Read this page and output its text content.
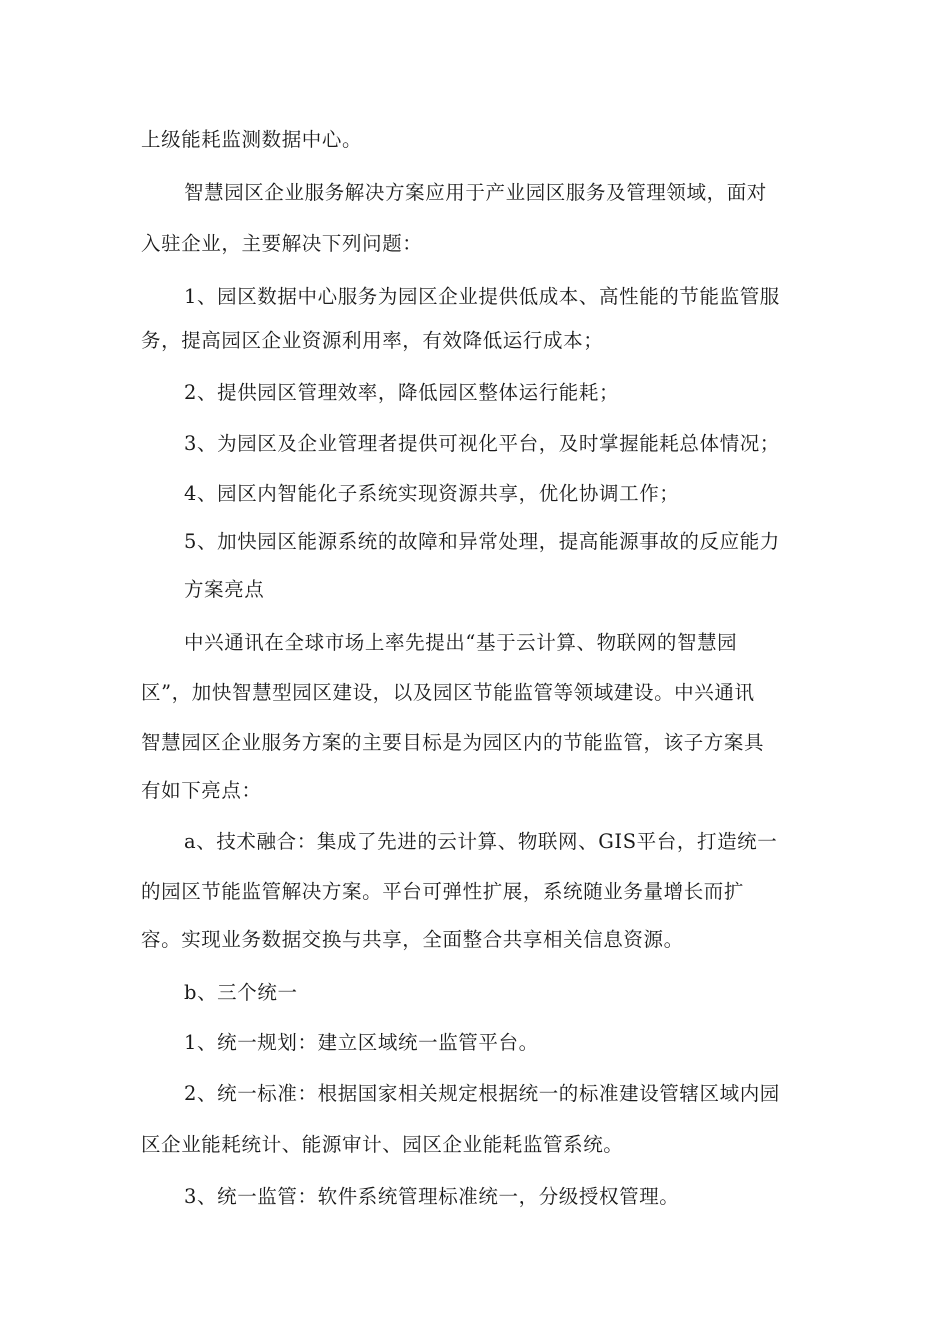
上级能耗监测数据中心。
智慧园区企业服务解决方案应用于产业园区服务及管理领域，面对
入驻企业，主要解决下列问题：
1、园区数据中心服务为园区企业提供低成本、高性能的节能监管服
务，提高园区企业资源利用率，有效降低运行成本；
2、提供园区管理效率，降低园区整体运行能耗；
3、为园区及企业管理者提供可视化平台，及时掌握能耗总体情况；
4、园区内智能化子系统实现资源共享，优化协调工作；
5、加快园区能源系统的故障和异常处理，提高能源事故的反应能力
方案亮点
中兴通讯在全球市场上率先提出“基于云计算、物联网的智慧园
区”，加快智慧型园区建设，以及园区节能监管等领域建设。中兴通讯
智慧园区企业服务方案的主要目标是为园区内的节能监管，该子方案具
有如下亮点：
a、技术融合：集成了先进的云计算、物联网、GIS平台，打造统一
的园区节能监管解决方案。平台可弹性扩展，系统随业务量增长而扩
容。实现业务数据交换与共享，全面整合共享相关信息资源。
b、三个统一
1、统一规划：建立区域统一监管平台。
2、统一标准：根据国家相关规定根据统一的标准建设管辖区域内园
区企业能耗统计、能源审计、园区企业能耗监管系统。
3、统一监管：软件系统管理标准统一，分级授权管理。
